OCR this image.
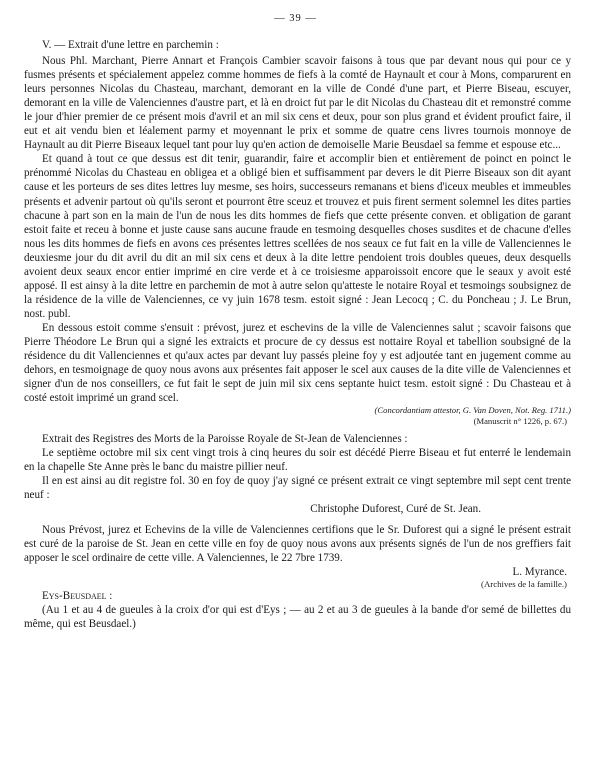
— 39 —

V. — Extrait d'une lettre en parchemin :

Nous Phl. Marchant, Pierre Annart et François Cambier scavoir faisons à tous que par devant nous qui pour ce y fusmes présents et spécialement appelez comme hommes de fiefs à la comté de Haynault et cour à Mons, comparurent en leurs personnes Nicolas du Chasteau, marchant, demorant en la ville de Condé d'une part, et Pierre Biseau, escuyer, demorant en la ville de Valenciennes d'austre part, et là en droict fut par le dit Nicolas du Chasteau dit et remonstré comme le jour d'hier premier de ce présent mois d'avril et an mil six cens et deux, pour son plus grand et évident proufict faire, il eut et ait vendu bien et léalement parmy et moyennant le prix et somme de quatre cens livres tournois monnoye de Haynault au dit Pierre Biseaux lequel tant pour luy qu'en action de demoiselle Marie Beusdael sa femme et espouse etc...

Et quand à tout ce que dessus est dit tenir, guarandir, faire et accomplir bien et entièrement de poinct en poinct le prénommé Nicolas du Chasteau en obligea et a obligé bien et suffisamment par devers le dit Pierre Biseaux son dit ayant cause et les porteurs de ses dites lettres luy mesme, ses hoirs, successeurs remanans et biens d'iceux meubles et immeubles présents et advenir partout où qu'ils seront et pourront être sceuz et trouvez et puis firent serment solemnel les dites parties chacune à part son en la main de l'un de nous les dits hommes de fiefs que cette présente conven. et obligation de garant estoit faite et receu à bonne et juste cause sans aucune fraude en tesmoing desquelles choses susdites et de chacune d'elles nous les dits hommes de fiefs en avons ces présentes lettres scellées de nos seaux ce fut fait en la ville de Vallenciennes le deuxiesme jour du dit avril du dit an mil six cens et deux à la dite lettre pendoient trois doubles queues, deux desquells avoient deux seaux encor entier imprimé en cire verde et à ce troisiesme apparoissoit encore que le seaux y avoit esté apposé. Il est ainsy à la dite lettre en parchemin de mot à autre selon qu'atteste le notaire Royal et tesmoings soubsignez de la résidence de la ville de Valenciennes, ce vy juin 1678 tesm. estoit signé : Jean Lecocq ; C. du Poncheau ; J. Le Brun, nost. publ.

En dessous estoit comme s'ensuit : prévost, jurez et eschevins de la ville de Valenciennes salut ; scavoir faisons que Pierre Théodore Le Brun qui a signé les extraicts et procure de cy dessus est nottaire Royal et tabellion soubsigné de la résidence du dit Vallenciennes et qu'aux actes par devant luy passés pleine foy y est adjoutée tant en jugement comme au dehors, en tesmoignage de quoy nous avons aux présentes fait apposer le scel aux causes de la dite ville de Valenciennes et signer d'un de nos conseillers, ce fut fait le sept de juin mil six cens septante huict tesm. estoit signé : Du Chasteau et à costé estoit imprimé un grand scel.

(Concordantiam attestor, G. Van Doven, Not. Reg. 1711.)

(Manuscrit n° 1226, p. 67.)

Extrait des Registres des Morts de la Paroisse Royale de St-Jean de Valenciennes :

Le septième octobre mil six cent vingt trois à cinq heures du soir est décédé Pierre Biseau et fut enterré le lendemain en la chapelle Ste Anne près le banc du maistre pillier neuf.

Il en est ainsi au dit registre fol. 30 en foy de quoy j'ay signé ce présent extrait ce vingt septembre mil sept cent trente neuf :

Christophe Duforest, Curé de St. Jean.

Nous Prévost, jurez et Echevins de la ville de Valenciennes certifions que le Sr. Duforest qui a signé le présent estrait est curé de la paroise de St. Jean en cette ville en foy de quoy nous avons aux présents signés de l'un de nos greffiers fait apposer le scel ordinaire de cette ville. A Valenciennes, le 22 7bre 1739.

L. Myrance.

(Archives de la famille.)

Eys-Beusdael :

(Au 1 et au 4 de gueules à la croix d'or qui est d'Eys ; — au 2 et au 3 de gueules à la bande d'or semé de billettes du même, qui est Beusdael.)
